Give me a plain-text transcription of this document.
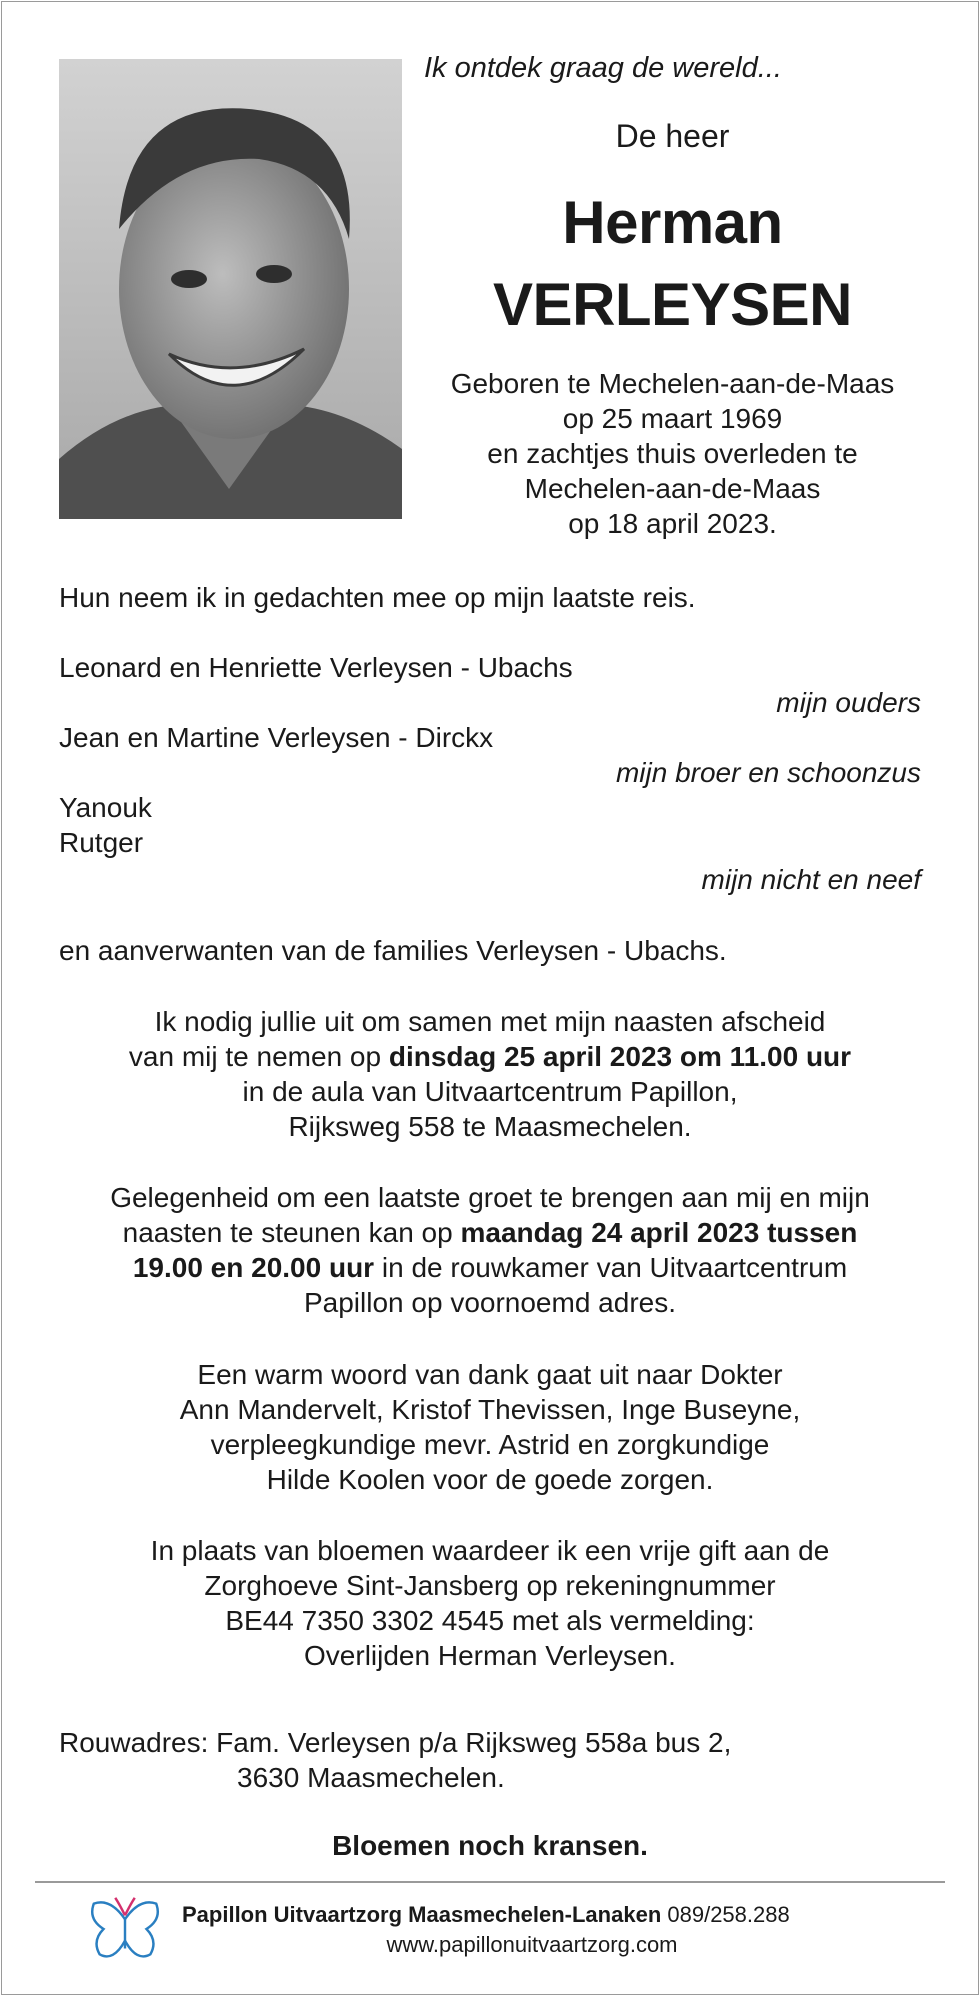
Ik ontdek graag de wereld...
De heer
Herman
VERLEYSEN
Geboren te Mechelen-aan-de-Maas
op 25 maart 1969
en zachtjes thuis overleden te
Mechelen-aan-de-Maas
op 18 april 2023.
Hun neem ik in gedachten mee op mijn laatste reis.
Leonard en Henriette Verleysen - Ubachs
mijn ouders
Jean en Martine Verleysen - Dirckx
mijn broer en schoonzus
Yanouk
Rutger
mijn nicht en neef
en aanverwanten van de families Verleysen - Ubachs.
Ik nodig jullie uit om samen met mijn naasten afscheid
van mij te nemen op dinsdag 25 april 2023 om 11.00 uur
in de aula van Uitvaartcentrum Papillon,
Rijksweg 558 te Maasmechelen.
Gelegenheid om een laatste groet te brengen aan mij en mijn
naasten te steunen kan op maandag 24 april 2023 tussen
19.00 en 20.00 uur in de rouwkamer van Uitvaartcentrum
Papillon op voornoemd adres.
Een warm woord van dank gaat uit naar Dokter
Ann Mandervelt, Kristof Thevissen, Inge Buseyne,
verpleegkundige mevr. Astrid en zorgkundige
Hilde Koolen voor de goede zorgen.
In plaats van bloemen waardeer ik een vrije gift aan de
Zorghoeve Sint-Jansberg op rekeningnummer
BE44 7350 3302 4545 met als vermelding:
Overlijden Herman Verleysen.
Rouwadres: Fam. Verleysen p/a Rijksweg 558a bus 2,
3630 Maasmechelen.
Bloemen noch kransen.
Papillon Uitvaartzorg Maasmechelen-Lanaken 089/258.288
www.papillonuitvaartzorg.com
